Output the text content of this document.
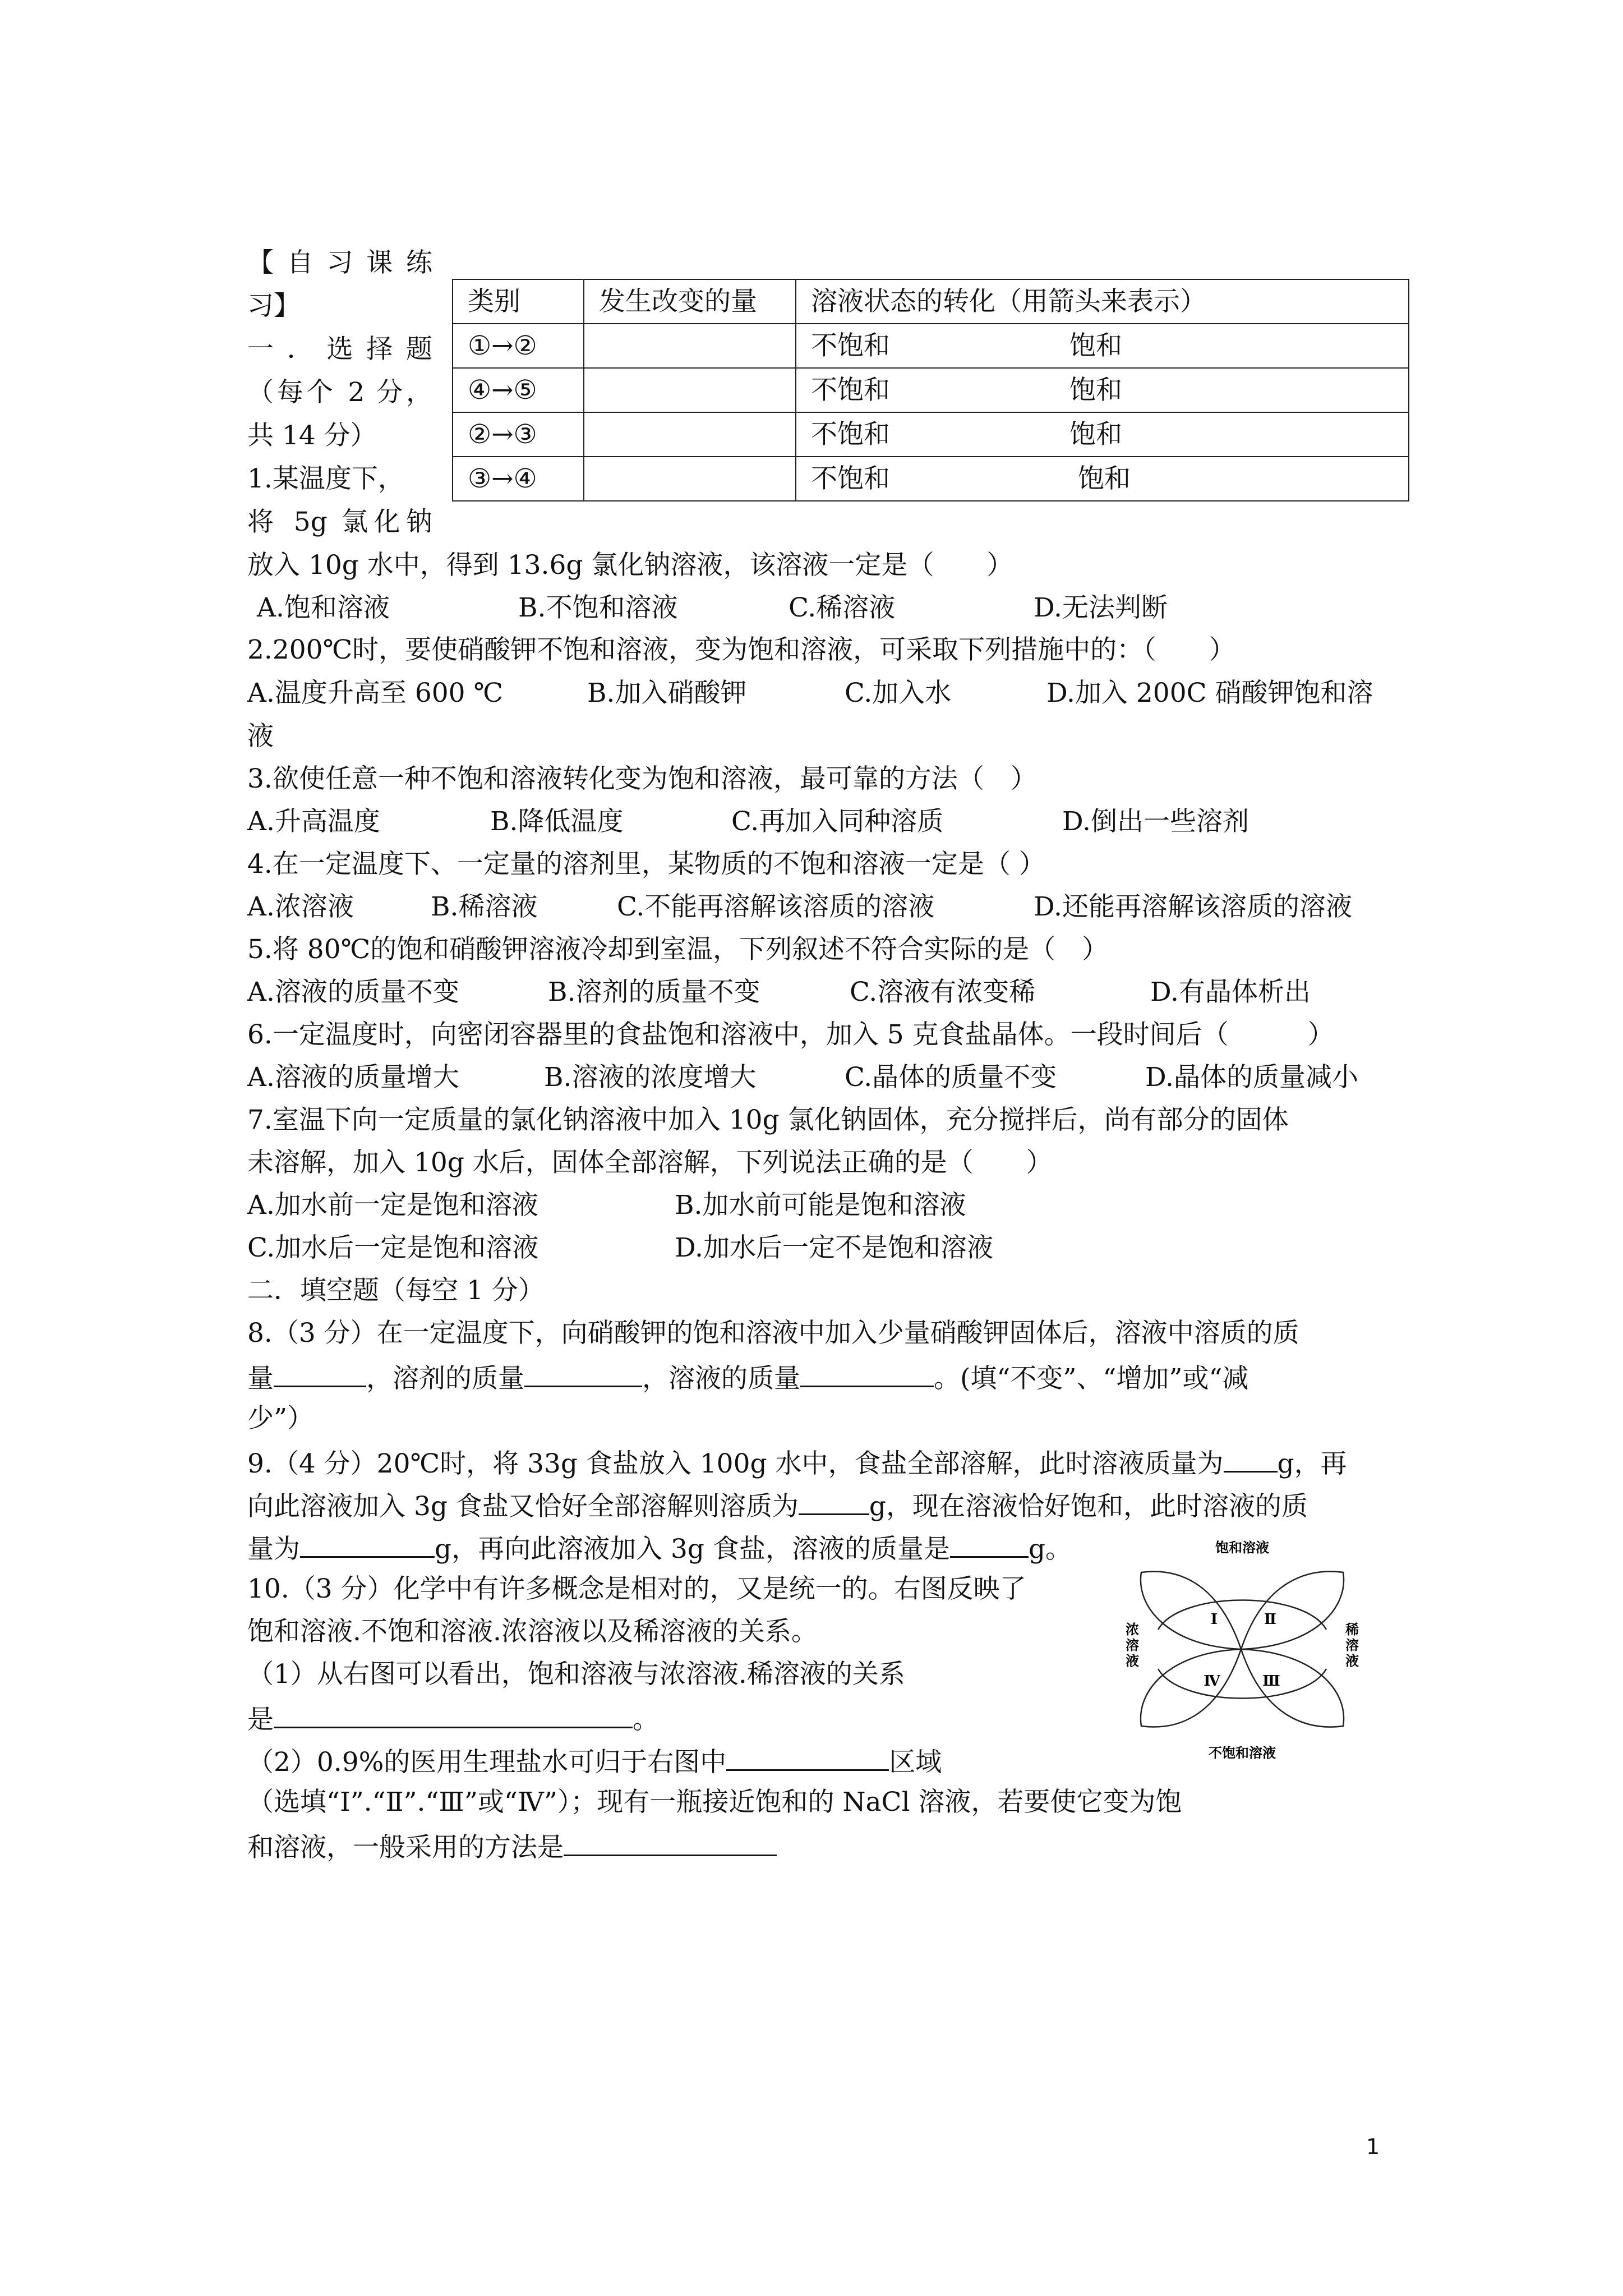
【自习课练
习】
一．选择题
（每个 2 分，
共 14 分）
1.某温度下，
将 5g 氯化钠
类别	发生改变的量	溶液状态的转化（用箭头来表示）
①→②		不饱和 饱和
④→⑤		不饱和 饱和
②→③		不饱和 饱和
③→④		不饱和 饱和
放入 10g 水中，得到 13.6g 氯化钠溶液，该溶液一定是（　　）
A.饱和溶液	B.不饱和溶液	C.稀溶液	D.无法判断
2.200℃时，要使硝酸钾不饱和溶液，变为饱和溶液，可采取下列措施中的：（　　）
A.温度升高至 600 ℃	B.加入硝酸钾	C.加入水	D.加入 200C 硝酸钾饱和溶
液
3.欲使任意一种不饱和溶液转化变为饱和溶液，最可靠的方法（　）
A.升高温度	B.降低温度	C.再加入同种溶质	D.倒出一些溶剂
4.在一定温度下、一定量的溶剂里，某物质的不饱和溶液一定是（ ）
A.浓溶液	B.稀溶液	C.不能再溶解该溶质的溶液	D.还能再溶解该溶质的溶液
5.将 80℃的饱和硝酸钾溶液冷却到室温，下列叙述不符合实际的是（　）
A.溶液的质量不变	B.溶剂的质量不变	C.溶液有浓变稀	D.有晶体析出
6.一定温度时，向密闭容器里的食盐饱和溶液中，加入 5 克食盐晶体。一段时间后（　　　）
A.溶液的质量增大	B.溶液的浓度增大	C.晶体的质量不变	D.晶体的质量减小
7.室温下向一定质量的氯化钠溶液中加入 10g 氯化钠固体，充分搅拌后，尚有部分的固体
未溶解，加入 10g 水后，固体全部溶解，下列说法正确的是（　　）
A.加水前一定是饱和溶液	B.加水前可能是饱和溶液
C.加水后一定是饱和溶液	D.加水后一定不是饱和溶液
二．填空题（每空 1 分）
8.（3 分）在一定温度下，向硝酸钾的饱和溶液中加入少量硝酸钾固体后，溶液中溶质的质
量	，溶剂的质量	，溶液的质量	。(填“不变”、“增加”或“减
少”）
9.（4 分）20℃时，将 33g 食盐放入 100g 水中，食盐全部溶解，此时溶液质量为 g，再
向此溶液加入 3g 食盐又恰好全部溶解则溶质为	g，现在溶液恰好饱和，此时溶液的质
量为	g，再向此溶液加入 3g 食盐，溶液的质量是	g。
10.（3 分）化学中有许多概念是相对的，又是统一的。右图反映了
饱和溶液.不饱和溶液.浓溶液以及稀溶液的关系。
（1）从右图可以看出，饱和溶液与浓溶液.稀溶液的关系
是	。
（2）0.9%的医用生理盐水可归于右图中	区域
（选填“Ⅰ”.“Ⅱ”.“Ⅲ”或“Ⅳ”）；现有一瓶接近饱和的 NaCl 溶液，若要使它变为饱
和溶液，一般采用的方法是
饱和溶液
不饱和溶液
Ⅰ	Ⅱ
Ⅲ
Ⅳ
浓溶液
稀溶液
1
